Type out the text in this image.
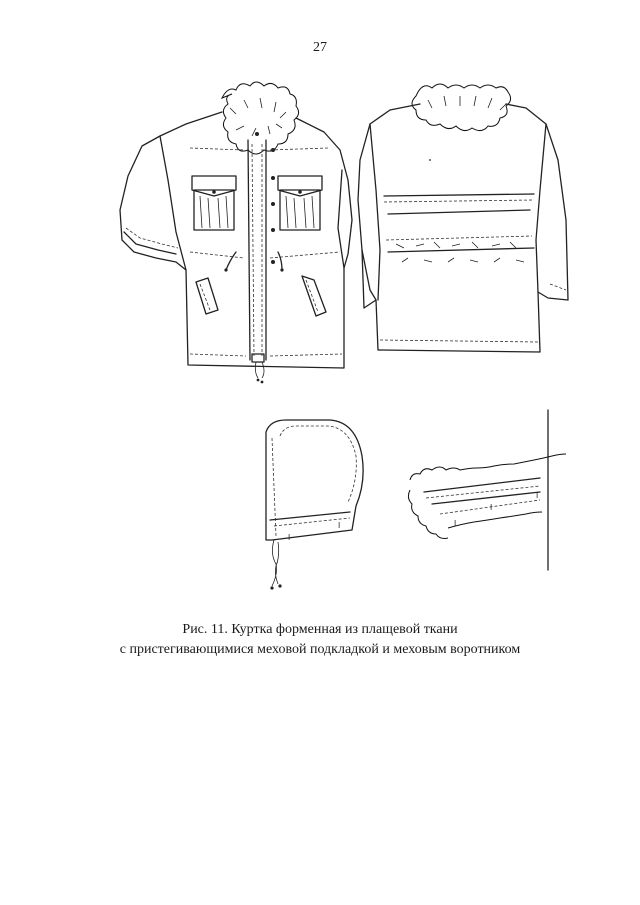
27
I
I	I
I
I
Рис. 11. Куртка форменная из плащевой ткани
с пристегивающимися меховой подкладкой и меховым воротником
